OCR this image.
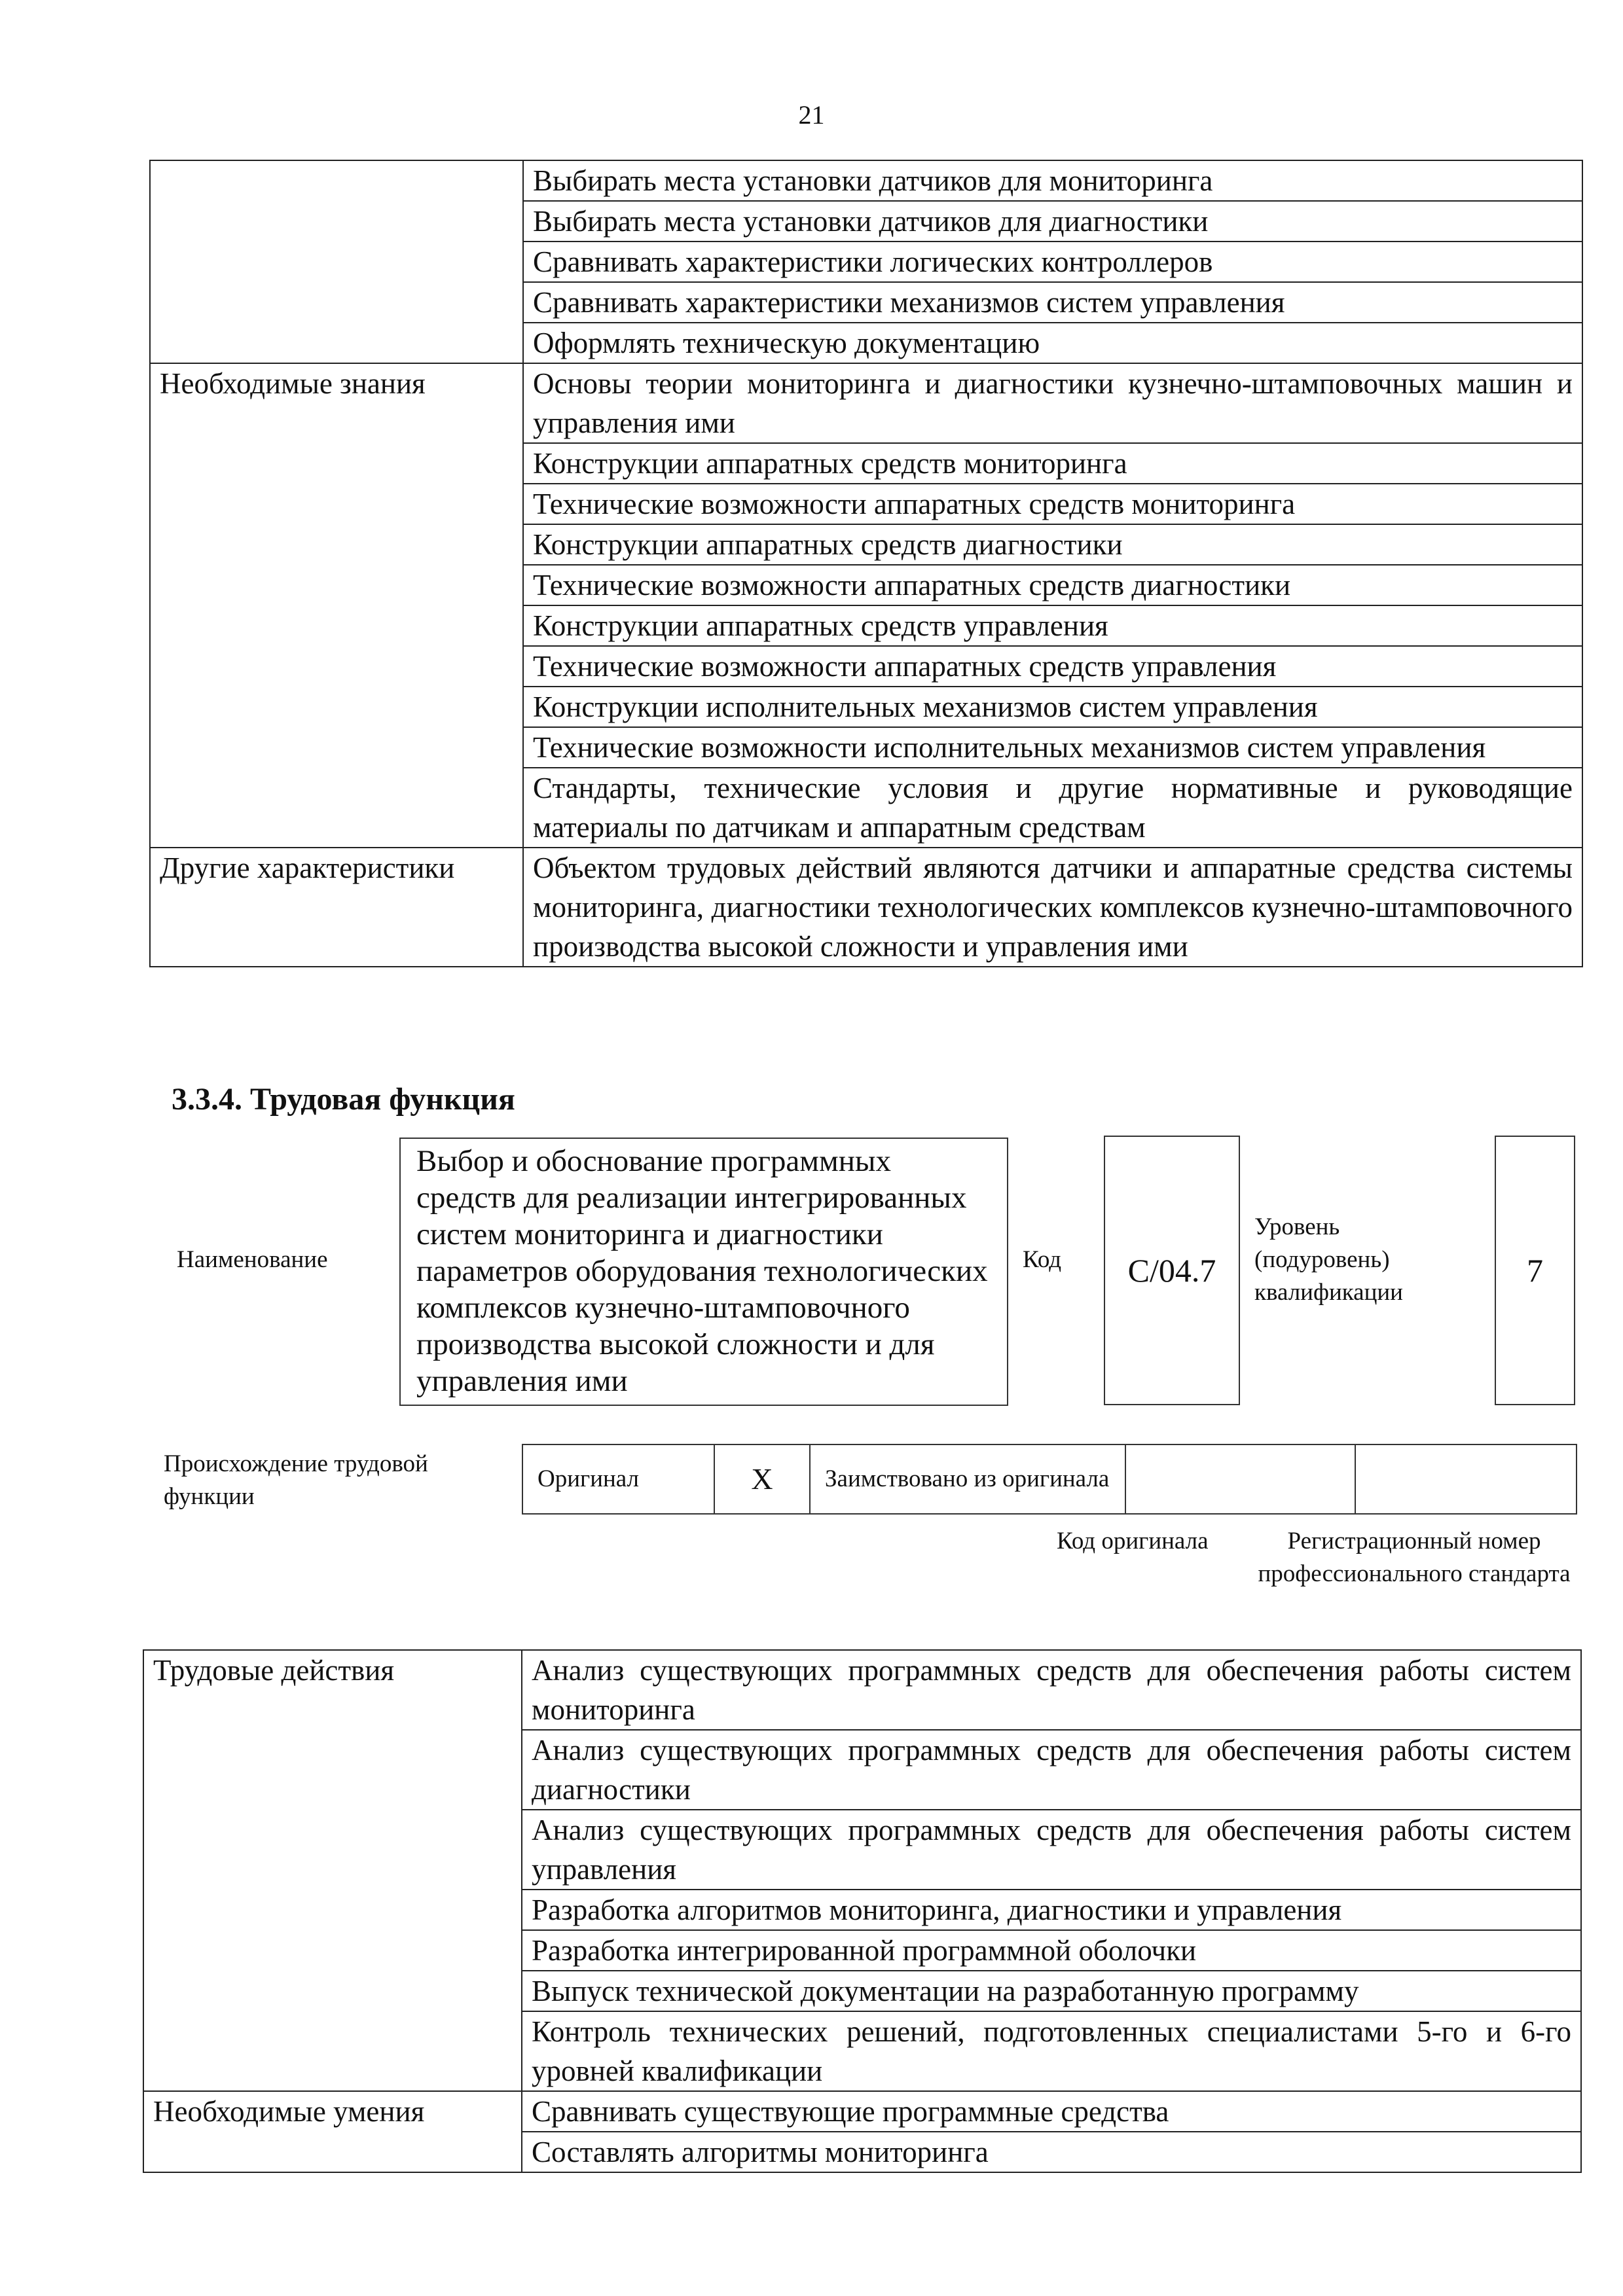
21
	Выбирать места установки датчиков для мониторинга
	Выбирать места установки датчиков для диагностики
	Сравнивать характеристики логических контроллеров
	Сравнивать характеристики механизмов систем управления
	Оформлять техническую документацию
Необходимые знания	Основы теории мониторинга и диагностики кузнечно-штамповочных машин и управления ими
	Конструкции аппаратных средств мониторинга
	Технические возможности аппаратных средств мониторинга
	Конструкции аппаратных средств диагностики
	Технические возможности аппаратных средств диагностики
	Конструкции аппаратных средств управления
	Технические возможности аппаратных средств управления
	Конструкции исполнительных механизмов систем управления
	Технические возможности исполнительных механизмов систем управления
	Стандарты, технические условия и другие нормативные и руководящие материалы по датчикам и аппаратным средствам
Другие характеристики	Объектом трудовых действий являются датчики и аппаратные средства системы мониторинга, диагностики технологических комплексов кузнечно-штамповочного производства высокой сложности и управления ими
3.3.4. Трудовая функция
Наименование
Выбор и обоснование программных средств для реализации интегрированных систем мониторинга и диагностики параметров оборудования технологических комплексов кузнечно-штамповочного производства высокой сложности и для управления ими
Код С/04.7
Уровень (подуровень) квалификации
7
Происхождение трудовой функции
Оригинал	X	Заимствовано из оригинала		
Код оригинала	Регистрационный номер профессионального стандарта
Трудовые действия	Анализ существующих программных средств для обеспечения работы систем мониторинга
	Анализ существующих программных средств для обеспечения работы систем диагностики
	Анализ существующих программных средств для обеспечения работы систем управления
	Разработка алгоритмов мониторинга, диагностики и управления
	Разработка интегрированной программной оболочки
	Выпуск технической документации на разработанную программу
	Контроль технических решений, подготовленных специалистами 5-го и 6-го уровней квалификации
Необходимые умения	Сравнивать существующие программные средства
	Составлять алгоритмы мониторинга
